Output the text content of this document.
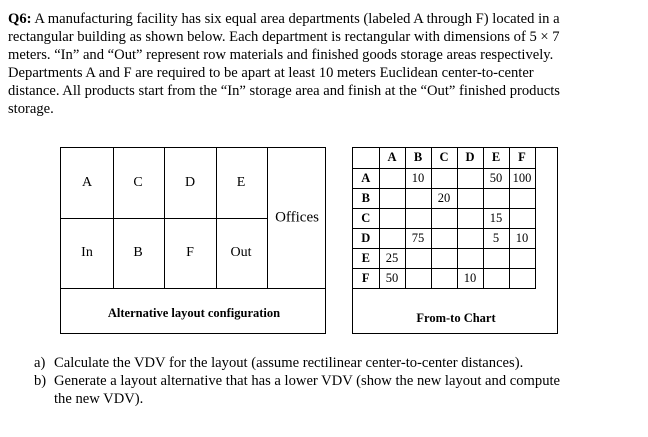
Q6: A manufacturing facility has six equal area departments (labeled A through F) located in a
rectangular building as shown below. Each department is rectangular with dimensions of 5 × 7
meters. “In” and “Out” represent row materials and finished goods storage areas respectively.
Departments A and F are required to be apart at least 10 meters Euclidean center-to-center
distance. All products start from the “In” storage area and finish at the “Out” finished products
storage.
A	C	D	E
In	B	F	Out
Offices
Alternative layout configuration
	A	B	C	D	E	F
A		10			50	100
B			20			
C					15	
D		75			5	10
E	25					
F	50			10		
From-to Chart
a) Calculate the VDV for the layout (assume rectilinear center-to-center distances).
b) Generate a layout alternative that has a lower VDV (show the new layout and compute
the new VDV).
